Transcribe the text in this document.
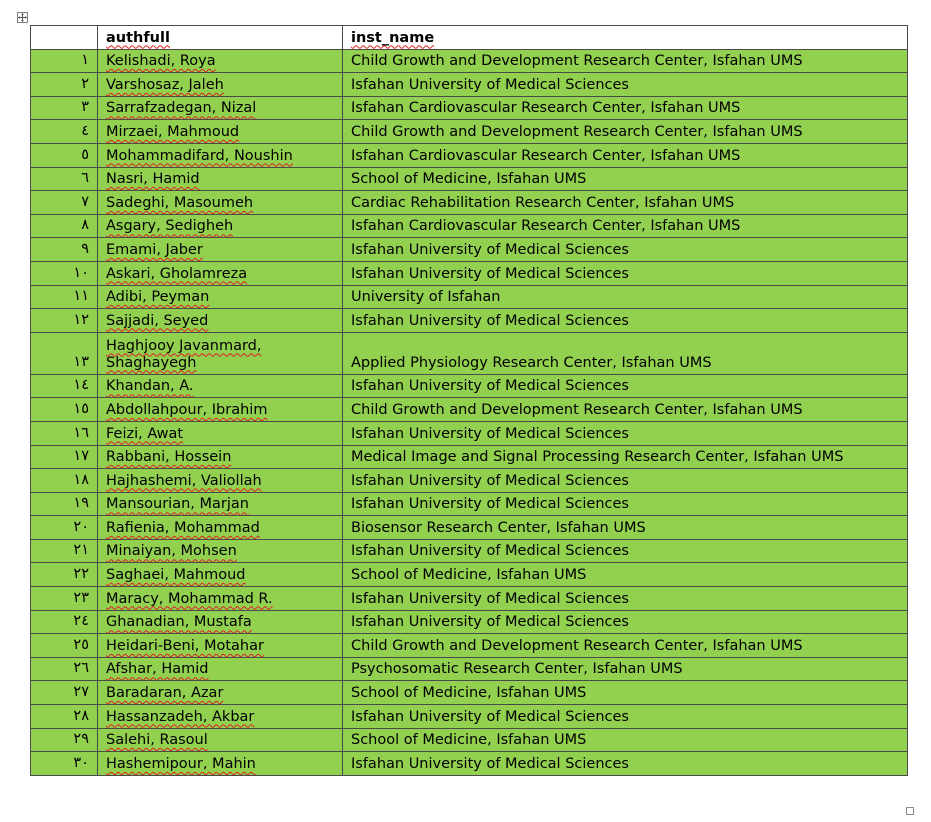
	authfull	inst_name
١	Kelishadi, Roya	Child Growth and Development Research Center, Isfahan UMS
٢	Varshosaz, Jaleh	Isfahan University of Medical Sciences
٣	Sarrafzadegan, Nizal	Isfahan Cardiovascular Research Center, Isfahan UMS
٤	Mirzaei, Mahmoud	Child Growth and Development Research Center, Isfahan UMS
٥	Mohammadifard, Noushin	Isfahan Cardiovascular Research Center, Isfahan UMS
٦	Nasri, Hamid	School of Medicine, Isfahan UMS
٧	Sadeghi, Masoumeh	Cardiac Rehabilitation Research Center, Isfahan UMS
٨	Asgary, Sedigheh	Isfahan Cardiovascular Research Center, Isfahan UMS
٩	Emami, Jaber	Isfahan University of Medical Sciences
١٠	Askari, Gholamreza	Isfahan University of Medical Sciences
١١	Adibi, Peyman	University of Isfahan
١٢	Sajjadi, Seyed	Isfahan University of Medical Sciences
١٣	Haghjooy Javanmard, Shaghayegh	Applied Physiology Research Center, Isfahan UMS
١٤	Khandan, A.	Isfahan University of Medical Sciences
١٥	Abdollahpour, Ibrahim	Child Growth and Development Research Center, Isfahan UMS
١٦	Feizi, Awat	Isfahan University of Medical Sciences
١٧	Rabbani, Hossein	Medical Image and Signal Processing Research Center, Isfahan UMS
١٨	Hajhashemi, Valiollah	Isfahan University of Medical Sciences
١٩	Mansourian, Marjan	Isfahan University of Medical Sciences
٢٠	Rafienia, Mohammad	Biosensor Research Center, Isfahan UMS
٢١	Minaiyan, Mohsen	Isfahan University of Medical Sciences
٢٢	Saghaei, Mahmoud	School of Medicine, Isfahan UMS
٢٣	Maracy, Mohammad R.	Isfahan University of Medical Sciences
٢٤	Ghanadian, Mustafa	Isfahan University of Medical Sciences
٢٥	Heidari-Beni, Motahar	Child Growth and Development Research Center, Isfahan UMS
٢٦	Afshar, Hamid	Psychosomatic Research Center, Isfahan UMS
٢٧	Baradaran, Azar	School of Medicine, Isfahan UMS
٢٨	Hassanzadeh, Akbar	Isfahan University of Medical Sciences
٢٩	Salehi, Rasoul	School of Medicine, Isfahan UMS
٣٠	Hashemipour, Mahin	Isfahan University of Medical Sciences
